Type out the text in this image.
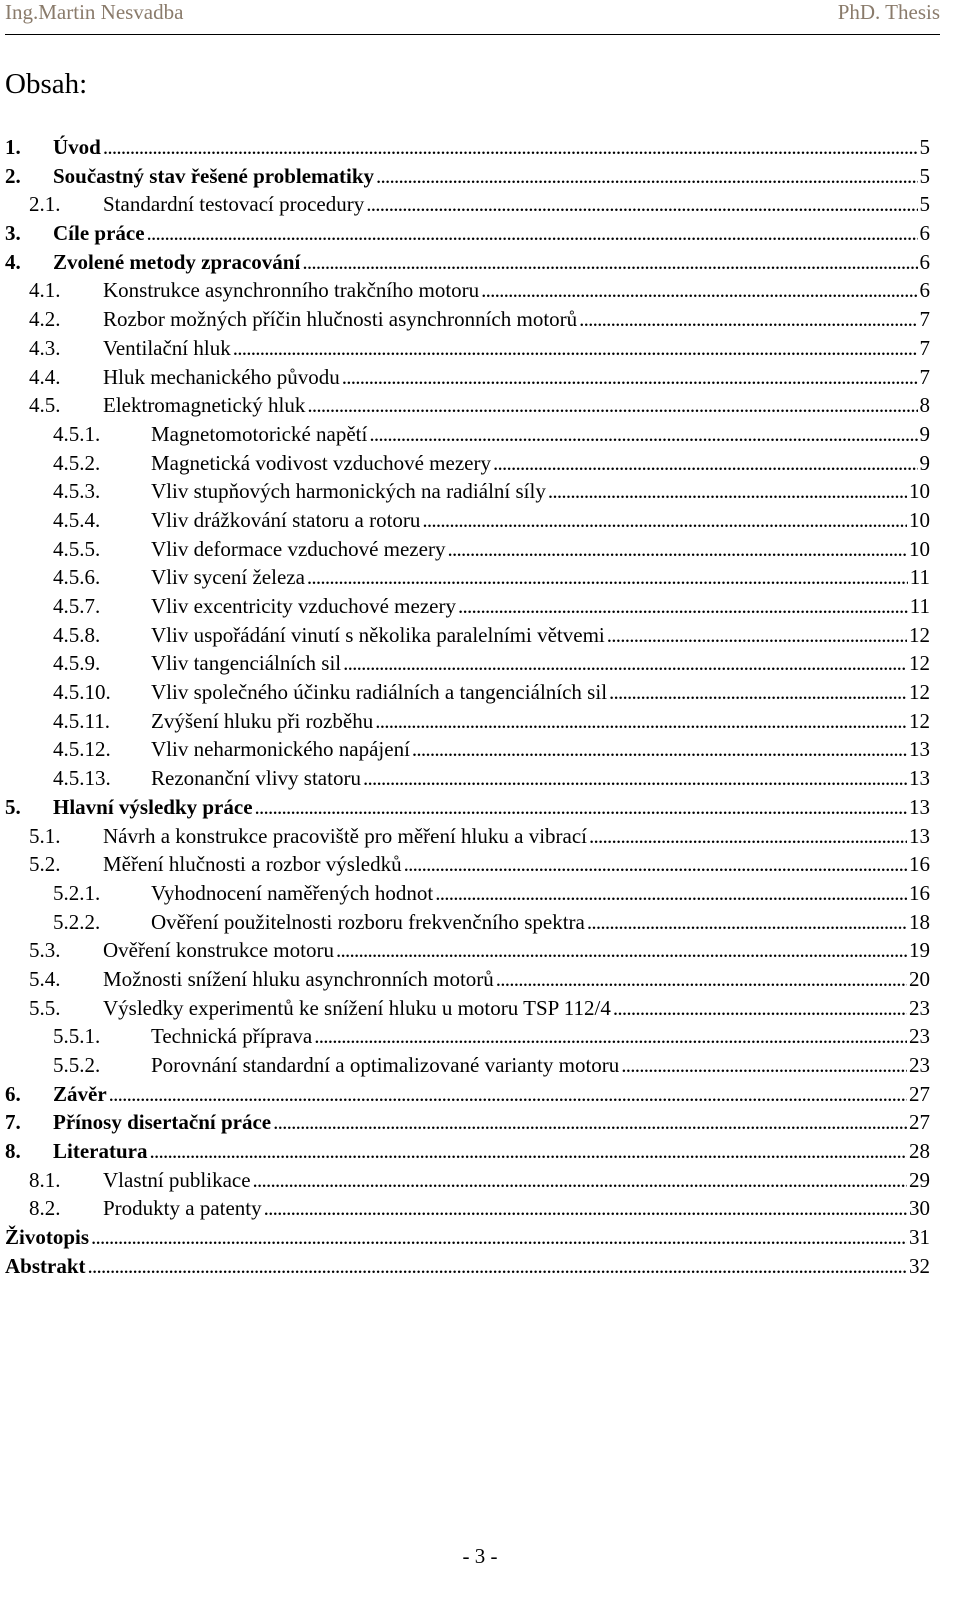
Ing.Martin Nesvadba	PhD. Thesis
Obsah:
1.	Úvod . . .	5
2.	Součastný stav řešené problematiky . . .	5
2.1.	Standardní testovací procedury . . .	5
3.	Cíle práce . . .	6
4.	Zvolené metody zpracování . . .	6
4.1.	Konstrukce asynchronního trakčního motoru . . .	6
4.2.	Rozbor možných příčin hlučnosti asynchronních motorů . . .	7
4.3.	Ventilační hluk . . .	7
4.4.	Hluk mechanického původu . . .	7
4.5.	Elektromagnetický hluk . . .	8
4.5.1.	Magnetomotorické napětí . . .	9
4.5.2.	Magnetická vodivost vzduchové mezery . . .	9
4.5.3.	Vliv stupňových harmonických na radiální síly . . .	10
4.5.4.	Vliv drážkování statoru a rotoru . . .	10
4.5.5.	Vliv deformace vzduchové mezery . . .	10
4.5.6.	Vliv sycení železa . . .	11
4.5.7.	Vliv excentricity vzduchové mezery . . .	11
4.5.8.	Vliv uspořádání vinutí s několika paralelními větvemi . . .	12
4.5.9.	Vliv tangenciálních sil . . .	12
4.5.10.	Vliv společného účinku radiálních a tangenciálních sil . . .	12
4.5.11.	Zvýšení hluku při rozběhu . . .	12
4.5.12.	Vliv neharmonického napájení . . .	13
4.5.13.	Rezonanční vlivy statoru . . .	13
5.	Hlavní výsledky práce . . .	13
5.1.	Návrh a konstrukce pracoviště pro měření hluku a vibrací . . .	13
5.2.	Měření hlučnosti a rozbor výsledků . . .	16
5.2.1.	Vyhodnocení naměřených hodnot . . .	16
5.2.2.	Ověření použitelnosti rozboru frekvenčního spektra . . .	18
5.3.	Ověření konstrukce motoru . . .	19
5.4.	Možnosti snížení hluku asynchronních motorů . . .	20
5.5.	Výsledky experimentů ke snížení hluku u motoru TSP 112/4 . . .	23
5.5.1.	Technická příprava . . .	23
5.5.2.	Porovnání standardní a optimalizované varianty motoru . . .	23
6.	Závěr . . .	27
7.	Přínosy disertační práce . . .	27
8.	Literatura . . .	28
8.1.	Vlastní publikace . . .	29
8.2.	Produkty a patenty . . .	30
Životopis . . .	31
Abstrakt . . .	32
- 3 -
